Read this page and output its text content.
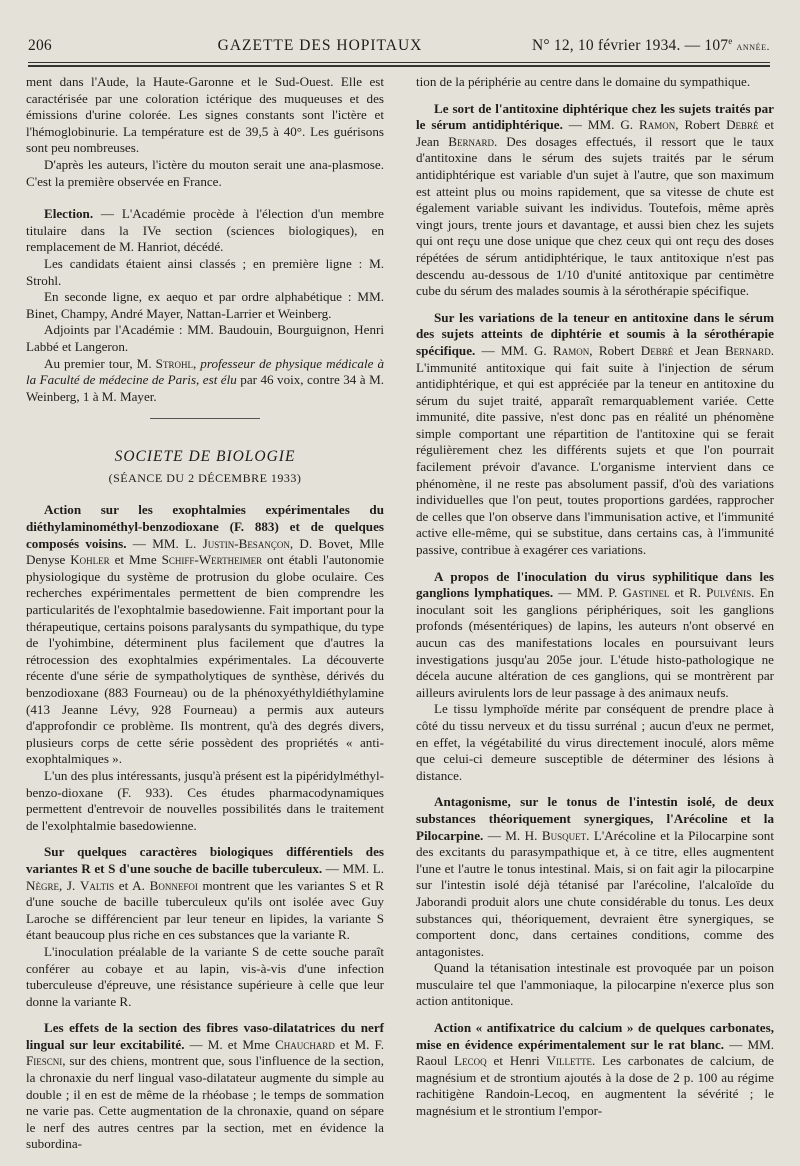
206	GAZETTE DES HOPITAUX	N° 12, 10 février 1934. — 107e année.

ment dans l'Aude, la Haute-Garonne et le Sud-Ouest. Elle est caractérisée par une coloration ictérique des muqueuses et des émissions d'urine colorée. Les signes constants sont l'ictère et l'hémoglobinurie. La température est de 39,5 à 40°. Les guérisons sont peu nombreuses.

D'après les auteurs, l'ictère du mouton serait une ana-plasmose. C'est la première observée en France.

Election. — L'Académie procède à l'élection d'un membre titulaire dans la IVe section (sciences biologiques), en remplacement de M. Hanriot, décédé.

Les candidats étaient ainsi classés ; en première ligne : M. Strohl.

En seconde ligne, ex aequo et par ordre alphabétique : MM. Binet, Champy, André Mayer, Nattan-Larrier et Weinberg.

Adjoints par l'Académie : MM. Baudouin, Bourguignon, Henri Labbé et Langeron.

Au premier tour, M. Strohl, professeur de physique médicale à la Faculté de médecine de Paris, est élu par 46 voix, contre 34 à M. Weinberg, 1 à M. Mayer.

SOCIETE DE BIOLOGIE
(SÉANCE DU 2 DÉCEMBRE 1933)

Action sur les exophtalmies expérimentales du diéthylaminométhyl-benzodioxane (F. 883) et de quelques composés voisins. — MM. L. Justin-Besançon, D. Bovet, Mlle Denyse Kohler et Mme Schiff-Wertheimer ont établi l'autonomie physiologique du système de protrusion du globe oculaire. Ces recherches expérimentales permettent de bien comprendre les particularités de l'exophtalmie basedowienne. Fait important pour la thérapeutique, certains poisons paralysants du sympathique, du type de l'yohimbine, déterminent plus facilement que d'autres la rétrocession des exophtalmies expérimentales. La découverte récente d'une série de sympatholytiques de synthèse, dérivés du benzodioxane (883 Fourneau) ou de la phénoxyéthyldiéthylamine (413 Jeanne Lévy, 928 Fourneau) a permis aux auteurs d'approfondir ce problème. Ils montrent, qu'à des degrés divers, plusieurs corps de cette série possèdent des propriétés « anti-exophtalmiques ».

L'un des plus intéressants, jusqu'à présent est la pipéridylméthyl-benzo-dioxane (F. 933). Ces études pharmacodynamiques permettent d'entrevoir de nouvelles possibilités dans le traitement de l'exolphtalmie basedowienne.

Sur quelques caractères biologiques différentiels des variantes R et S d'une souche de bacille tuberculeux. — MM. L. Nègre, J. Valtis et A. Bonnefoi montrent que les variantes S et R d'une souche de bacille tuberculeux qu'ils ont isolée avec Guy Laroche se différencient par leur teneur en lipides, la variante S étant beaucoup plus riche en ces substances que la variante R.

L'inoculation préalable de la variante S de cette souche paraît conférer au cobaye et au lapin, vis-à-vis d'une infection tuberculeuse d'épreuve, une résistance supérieure à celle que leur donne la variante R.

Les effets de la section des fibres vaso-dilatatrices du nerf lingual sur leur excitabilité. — M. et Mme Chauchard et M. F. Fiescni, sur des chiens, montrent que, sous l'influence de la section, la chronaxie du nerf lingual vaso-dilatateur augmente du simple au double ; il en est de même de la rhéobase ; le temps de sommation ne varie pas. Cette augmentation de la chronaxie, quand on sépare le nerf des autres centres par la section, met en évidence la subordina-

tion de la périphérie au centre dans le domaine du sympathique.

Le sort de l'antitoxine diphtérique chez les sujets traités par le sérum antidiphtérique. — MM. G. Ramon, Robert Debré et Jean Bernard. Des dosages effectués, il ressort que le taux d'antitoxine dans le sérum des sujets traités par le sérum antidiphtérique est variable d'un sujet à l'autre, que son maximum est atteint plus ou moins rapidement, que sa vitesse de chute est également variable suivant les individus. Toutefois, même après vingt jours, trente jours et davantage, et aussi bien chez les sujets qui ont reçu une dose unique que chez ceux qui ont reçu des doses répétées de sérum antidiphtérique, le taux antitoxique n'est pas descendu au-dessous de 1/10 d'unité antitoxique par centimètre cube du sérum des malades soumis à la sérothérapie spécifique.

Sur les variations de la teneur en antitoxine dans le sérum des sujets atteints de diphtérie et soumis à la sérothérapie spécifique. — MM. G. Ramon, Robert Debré et Jean Bernard. L'immunité antitoxique qui fait suite à l'injection de sérum antidiphtérique, et qui est appréciée par la teneur en antitoxine du sérum du sujet traité, apparaît remarquablement variée. Cette immunité, dite passive, n'est donc pas en réalité un phénomène simple comportant une répartition de l'antitoxine qui se ferait régulièrement chez les différents sujets et que l'on pourrait facilement prévoir d'avance. L'organisme intervient dans ce phénomène, il ne reste pas absolument passif, d'où des variations individuelles que l'on peut, toutes proportions gardées, rapprocher de celles que l'on observe dans l'immunisation active, et l'immunité active elle-même, qui se substitue, dans certains cas, à l'immunité passive, contribue à exagérer ces variations.

A propos de l'inoculation du virus syphilitique dans les ganglions lymphatiques. — MM. P. Gastinel et R. Pulvénis. En inoculant soit les ganglions périphériques, soit les ganglions profonds (mésentériques) de lapins, les auteurs n'ont observé en aucun cas des manifestations locales en poursuivant leurs investigations jusqu'au 205e jour. L'étude histo-pathologique ne décela aucune altération de ces ganglions, qui se montrèrent par ailleurs avirulents lors de leur passage à des animaux neufs.

Le tissu lymphoïde mérite par conséquent de prendre place à côté du tissu nerveux et du tissu surrénal ; aucun d'eux ne permet, en effet, la végétabilité du virus directement inoculé, alors même que celui-ci demeure susceptible de déterminer des lésions à distance.

Antagonisme, sur le tonus de l'intestin isolé, de deux substances théoriquement synergiques, l'Arécoline et la Pilocarpine. — M. H. Busquet. L'Arécoline et la Pilocarpine sont des excitants du parasympathique et, à ce titre, elles augmentent l'une et l'autre le tonus intestinal. Mais, si on fait agir la pilocarpine sur l'intestin isolé déjà tétanisé par l'arécoline, l'alcaloïde du Jaborandi produit alors une chute considérable du tonus. Les deux substances qui, théoriquement, devraient être synergiques, se comportent donc, dans certaines conditions, comme des antagonistes.

Quand la tétanisation intestinale est provoquée par un poison musculaire tel que l'ammoniaque, la pilocarpine n'exerce plus son action antitonique.

Action « antifixatrice du calcium » de quelques carbonates, mise en évidence expérimentalement sur le rat blanc. — MM. Raoul Lecoq et Henri Villette. Les carbonates de calcium, de magnésium et de strontium ajoutés à la dose de 2 p. 100 au régime rachitigène Randoin-Lecoq, en augmentent la sévérité ; le magnésium et le strontium l'empor-
